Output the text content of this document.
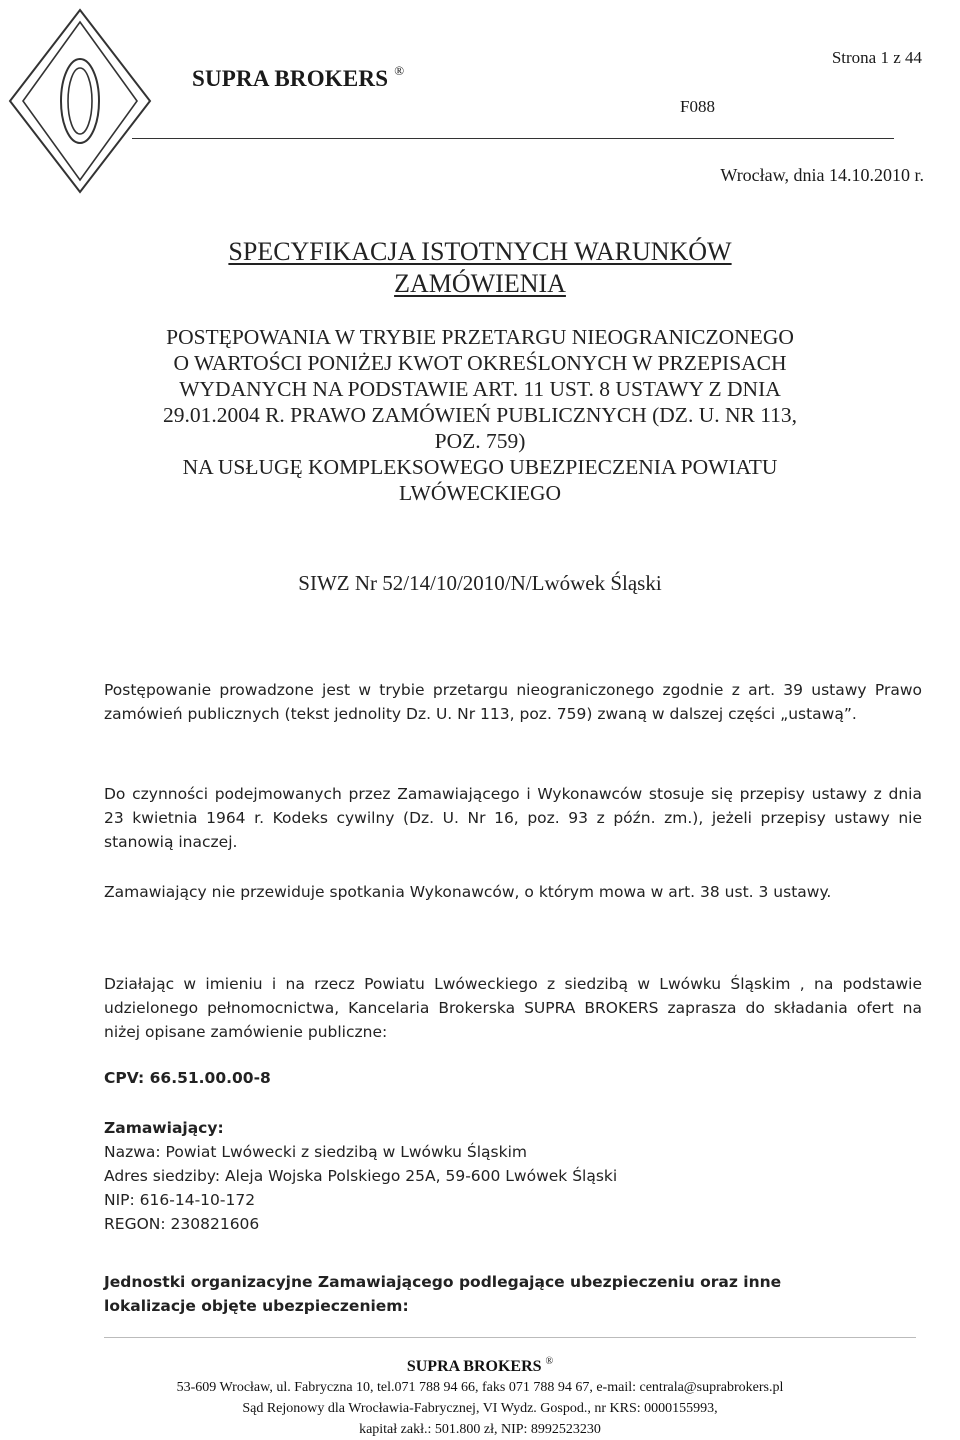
SUPRA BROKERS ®
Strona 1 z 44
F088
Wrocław, dnia 14.10.2010 r.
SPECYFIKACJA ISTOTNYCH WARUNKÓW
ZAMÓWIENIA
POSTĘPOWANIA W TRYBIE PRZETARGU NIEOGRANICZONEGO
O WARTOŚCI PONIŻEJ KWOT OKREŚLONYCH W PRZEPISACH
WYDANYCH NA PODSTAWIE ART. 11 UST. 8 USTAWY Z DNIA
29.01.2004 R. PRAWO ZAMÓWIEŃ PUBLICZNYCH (DZ. U. NR 113,
POZ. 759)
NA USŁUGĘ KOMPLEKSOWEGO UBEZPIECZENIA POWIATU
LWÓWECKIEGO
SIWZ Nr 52/14/10/2010/N/Lwówek Śląski
Postępowanie prowadzone jest w trybie przetargu nieograniczonego zgodnie z art. 39 ustawy Prawo zamówień publicznych (tekst jednolity Dz. U. Nr 113, poz. 759) zwaną w dalszej części „ustawą”.
Do czynności podejmowanych przez Zamawiającego i Wykonawców stosuje się przepisy ustawy z dnia 23 kwietnia 1964 r. Kodeks cywilny (Dz. U. Nr 16, poz. 93 z późn. zm.), jeżeli przepisy ustawy nie stanowią inaczej.
Zamawiający nie przewiduje spotkania Wykonawców, o którym mowa w art. 38 ust. 3 ustawy.
Działając w imieniu i na rzecz Powiatu Lwóweckiego z siedzibą w Lwówku Śląskim , na podstawie udzielonego pełnomocnictwa, Kancelaria Brokerska SUPRA BROKERS zaprasza do składania ofert na niżej opisane zamówienie publiczne:
CPV: 66.51.00.00-8
Zamawiający:
Nazwa: Powiat Lwówecki z siedzibą w Lwówku Śląskim
Adres siedziby: Aleja Wojska Polskiego 25A, 59-600 Lwówek Śląski
NIP: 616-14-10-172
REGON: 230821606
Jednostki organizacyjne Zamawiającego podlegające ubezpieczeniu oraz inne
lokalizacje objęte ubezpieczeniem:
SUPRA BROKERS ®
53-609 Wrocław, ul. Fabryczna 10, tel.071 788 94 66, faks 071 788 94 67, e-mail: centrala@suprabrokers.pl
Sąd Rejonowy dla Wrocławia-Fabrycznej, VI Wydz. Gospod., nr KRS: 0000155993,
kapitał zakł.: 501.800 zł, NIP: 8992523230
